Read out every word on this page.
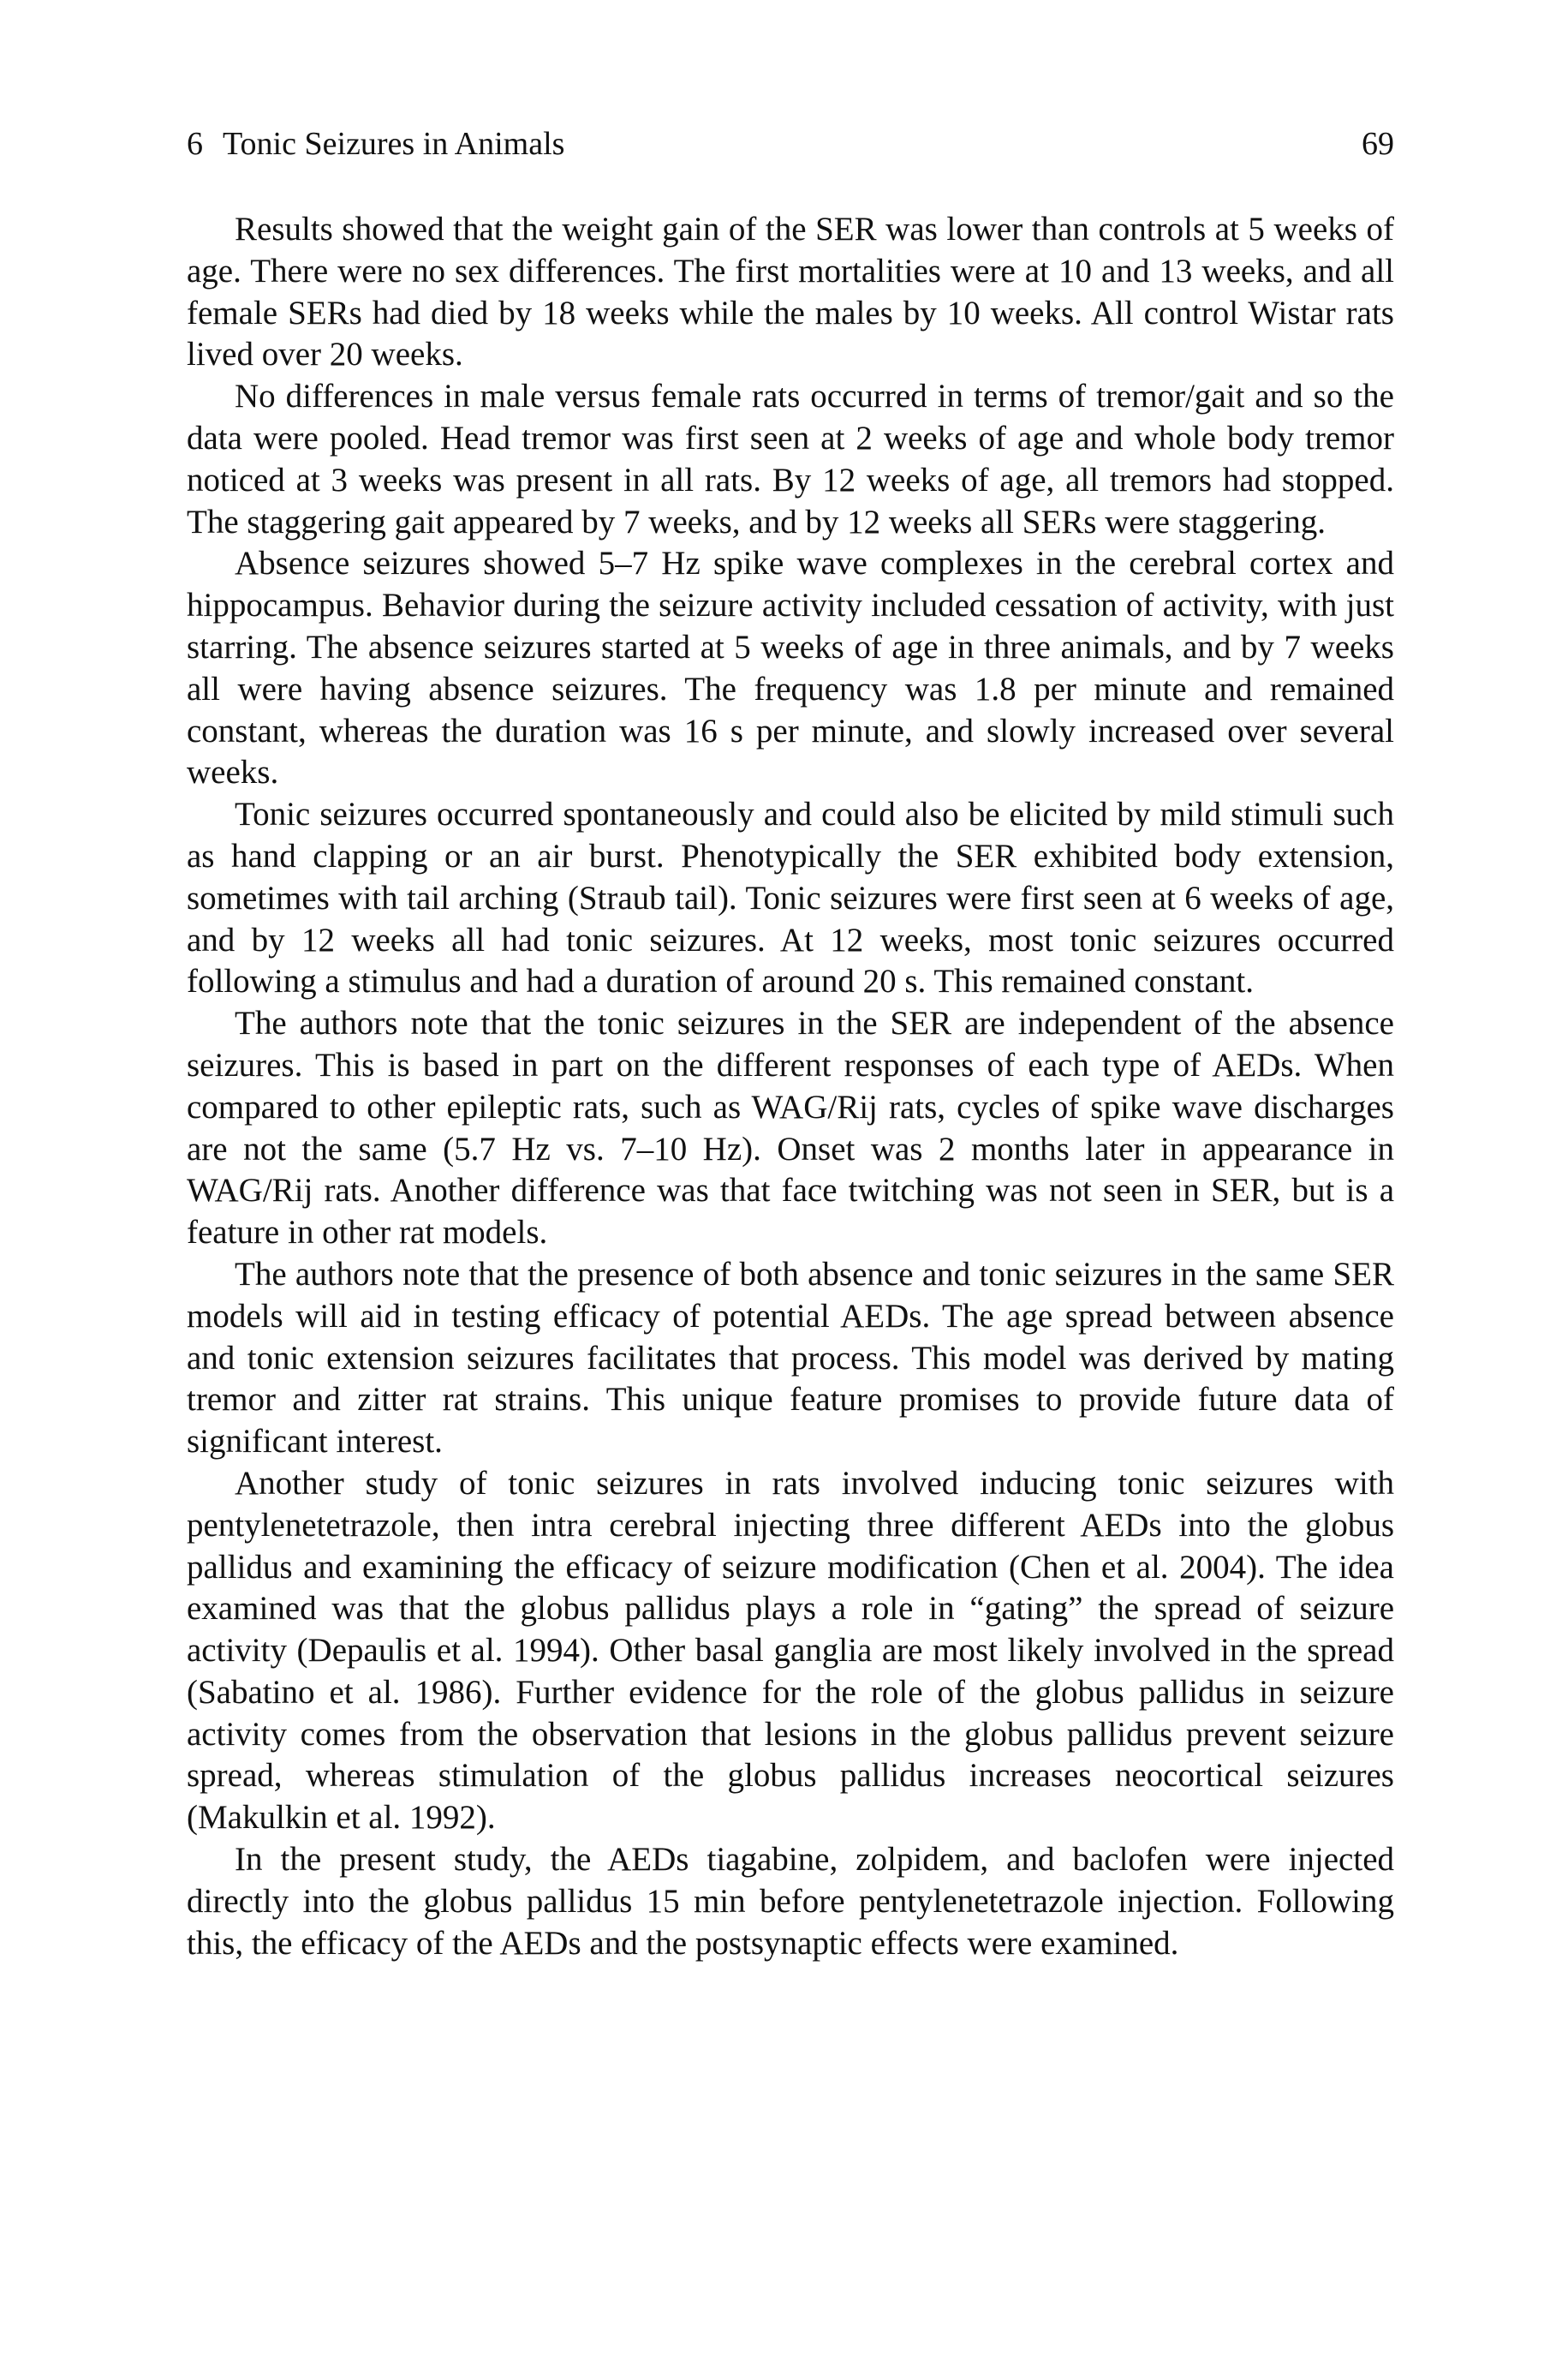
6 Tonic Seizures in Animals	69

Results showed that the weight gain of the SER was lower than controls at 5 weeks of age. There were no sex differences. The first mortalities were at 10 and 13 weeks, and all female SERs had died by 18 weeks while the males by 10 weeks. All control Wistar rats lived over 20 weeks.

No differences in male versus female rats occurred in terms of tremor/gait and so the data were pooled. Head tremor was first seen at 2 weeks of age and whole body tremor noticed at 3 weeks was present in all rats. By 12 weeks of age, all tremors had stopped. The staggering gait appeared by 7 weeks, and by 12 weeks all SERs were staggering.

Absence seizures showed 5–7 Hz spike wave complexes in the cerebral cortex and hippocampus. Behavior during the seizure activity included cessation of activity, with just starring. The absence seizures started at 5 weeks of age in three animals, and by 7 weeks all were having absence seizures. The frequency was 1.8 per minute and remained constant, whereas the duration was 16 s per minute, and slowly increased over several weeks.

Tonic seizures occurred spontaneously and could also be elicited by mild stimuli such as hand clapping or an air burst. Phenotypically the SER exhibited body extension, sometimes with tail arching (Straub tail). Tonic seizures were first seen at 6 weeks of age, and by 12 weeks all had tonic seizures. At 12 weeks, most tonic seizures occurred following a stimulus and had a duration of around 20 s. This remained constant.

The authors note that the tonic seizures in the SER are independent of the absence seizures. This is based in part on the different responses of each type of AEDs. When compared to other epileptic rats, such as WAG/Rij rats, cycles of spike wave discharges are not the same (5.7 Hz vs. 7–10 Hz). Onset was 2 months later in appearance in WAG/Rij rats. Another difference was that face twitching was not seen in SER, but is a feature in other rat models.

The authors note that the presence of both absence and tonic seizures in the same SER models will aid in testing efficacy of potential AEDs. The age spread between absence and tonic extension seizures facilitates that process. This model was derived by mating tremor and zitter rat strains. This unique feature promises to provide future data of significant interest.

Another study of tonic seizures in rats involved inducing tonic seizures with pentylenetetrazole, then intra cerebral injecting three different AEDs into the globus pallidus and examining the efficacy of seizure modification (Chen et al. 2004). The idea examined was that the globus pallidus plays a role in “gating” the spread of seizure activity (Depaulis et al. 1994). Other basal ganglia are most likely involved in the spread (Sabatino et al. 1986). Further evidence for the role of the globus pallidus in seizure activity comes from the observation that lesions in the globus pallidus prevent seizure spread, whereas stimulation of the globus pallidus increases neocortical seizures (Makulkin et al. 1992).

In the present study, the AEDs tiagabine, zolpidem, and baclofen were injected directly into the globus pallidus 15 min before pentylenetetrazole injection. Following this, the efficacy of the AEDs and the postsynaptic effects were examined.
